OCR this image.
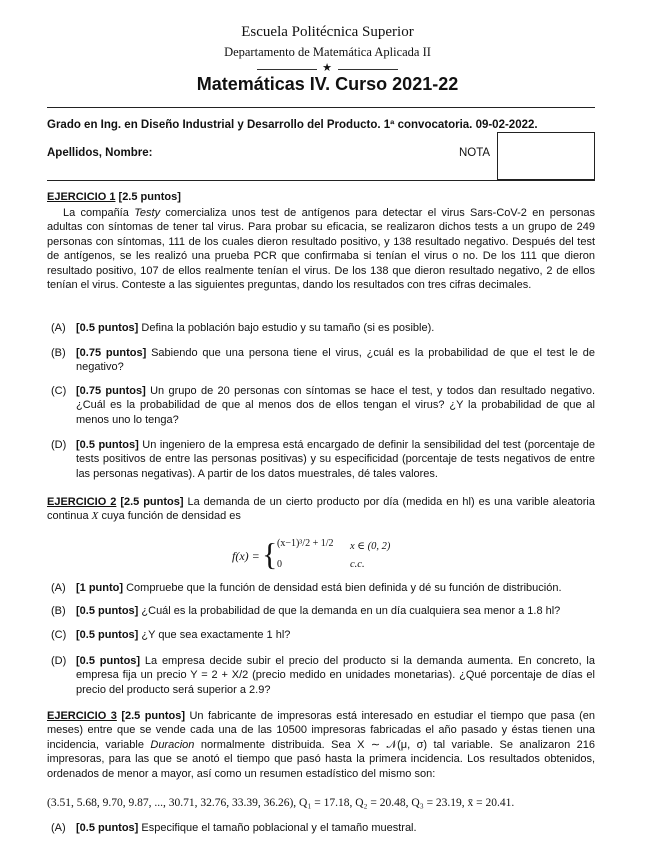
Escuela Politécnica Superior
Departamento de Matemática Aplicada II
★
Matemáticas IV. Curso 2021-22
Grado en Ing. en Diseño Industrial y Desarrollo del Producto. 1ª convocatoria. 09-02-2022.
Apellidos, Nombre:	NOTA
EJERCICIO 1 [2.5 puntos]
La compañía Testy comercializa unos test de antígenos para detectar el virus Sars-CoV-2 en personas adultas con síntomas de tener tal virus. Para probar su eficacia, se realizaron dichos tests a un grupo de 249 personas con síntomas, 111 de los cuales dieron resultado positivo, y 138 resultado negativo. Después del test de antígenos, se les realizó una prueba PCR que confirmaba si tenían el virus o no. De los 111 que dieron resultado positivo, 107 de ellos realmente tenían el virus. De los 138 que dieron resultado negativo, 2 de ellos tenían el virus. Conteste a las siguientes preguntas, dando los resultados con tres cifras decimales.
(A) [0.5 puntos] Defina la población bajo estudio y su tamaño (si es posible).
(B) [0.75 puntos] Sabiendo que una persona tiene el virus, ¿cuál es la probabilidad de que el test le de negativo?
(C) [0.75 puntos] Un grupo de 20 personas con síntomas se hace el test, y todos dan resultado negativo. ¿Cuál es la probabilidad de que al menos dos de ellos tengan el virus? ¿Y la probabilidad de que al menos uno lo tenga?
(D) [0.5 puntos] Un ingeniero de la empresa está encargado de definir la sensibilidad del test (porcentaje de tests positivos de entre las personas positivas) y su especificidad (porcentaje de tests negativos de entre las personas negativas). A partir de los datos muestrales, dé tales valores.
EJERCICIO 2 [2.5 puntos] La demanda de un cierto producto por día (medida en hl) es una varible aleatoria continua X cuya función de densidad es
f(x) = { (x−1)³/2 + 1/2
0
x ∈ (0, 2)
c.c.
(A) [1 punto] Compruebe que la función de densidad está bien definida y dé su función de distribución.
(B) [0.5 puntos] ¿Cuál es la probabilidad de que la demanda en un día cualquiera sea menor a 1.8 hl?
(C) [0.5 puntos] ¿Y que sea exactamente 1 hl?
(D) [0.5 puntos] La empresa decide subir el precio del producto si la demanda aumenta. En concreto, la empresa fija un precio Y = 2 + X/2 (precio medido en unidades monetarias). ¿Qué porcentaje de días el precio del producto será superior a 2.9?
EJERCICIO 3 [2.5 puntos] Un fabricante de impresoras está interesado en estudiar el tiempo que pasa (en meses) entre que se vende cada una de las 10500 impresoras fabricadas el año pasado y éstas tienen una incidencia, variable Duracion normalmente distribuida. Sea X ∼ 𝒩(μ, σ) tal variable. Se analizaron 216 impresoras, para las que se anotó el tiempo que pasó hasta la primera incidencia. Los resultados obtenidos, ordenados de menor a mayor, así como un resumen estadístico del mismo son:
(3.51, 5.68, 9.70, 9.87, ..., 30.71, 32.76, 33.39, 36.26), Q₁ = 17.18, Q₂ = 20.48, Q₃ = 23.19, x̄ = 20.41.
(A) [0.5 puntos] Especifique el tamaño poblacional y el tamaño muestral.
